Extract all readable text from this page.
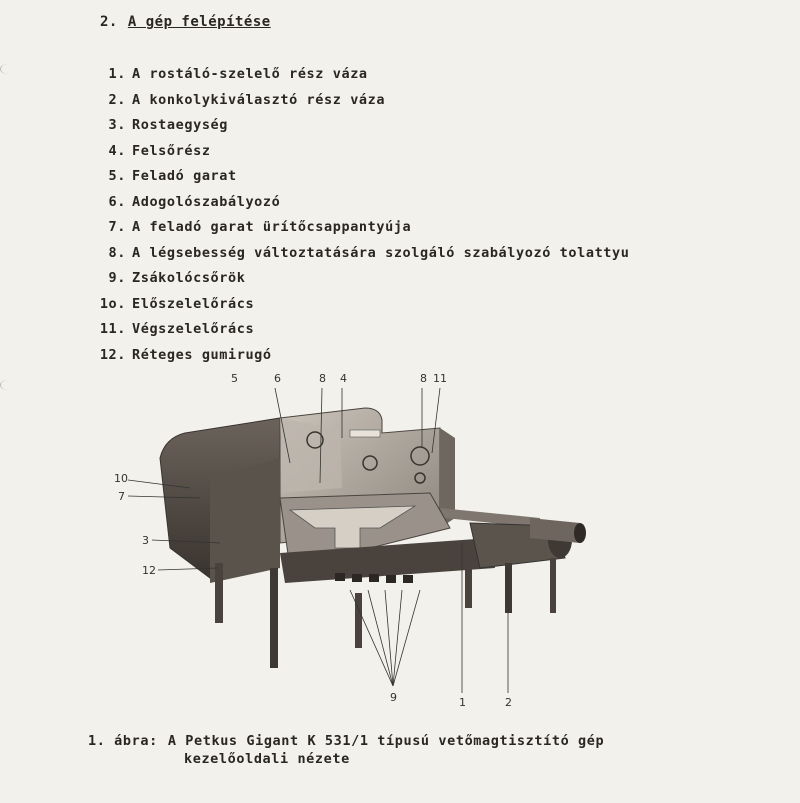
2. A gép felépítése
1. A rostáló-szelelő rész váza
2. A konkolykiválasztó rész váza
3. Rostaegység
4. Felsőrész
5. Feladó garat
6. Adogolószabályozó
7. A feladó garat ürítőcsappantyúja
8. A légsebesség változtatására szolgáló szabályozó tolattyu
9. Zsákolócsőrök
1o. Előszelelőrács
11. Végszelelőrács
12. Réteges gumirugó
5	6	8 4	8 11
10
7
3
12
9	1	2
1. ábra: A Petkus Gigant K 531/1 típusú vetőmagtisztító gép
kezelőoldali nézete
